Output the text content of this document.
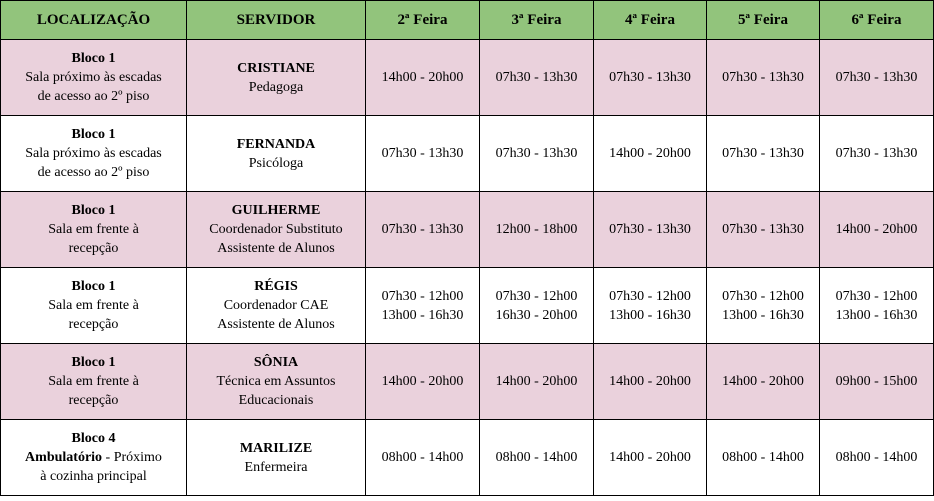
LOCALIZAÇÃO	SERVIDOR	2ª Feira	3ª Feira	4ª Feira	5ª Feira	6ª Feira

Bloco 1
Sala próximo às escadas
de acesso ao 2º piso	CRISTIANE
Pedagoga	14h00 - 20h00	07h30 - 13h30	07h30 - 13h30	07h30 - 13h30	07h30 - 13h30

Bloco 1
Sala próximo às escadas
de acesso ao 2º piso	FERNANDA
Psicóloga	07h30 - 13h30	07h30 - 13h30	14h00 - 20h00	07h30 - 13h30	07h30 - 13h30

Bloco 1
Sala em frente à
recepção	GUILHERME
Coordenador Substituto
Assistente de Alunos	07h30 - 13h30	12h00 - 18h00	07h30 - 13h30	07h30 - 13h30	14h00 - 20h00

Bloco 1
Sala em frente à
recepção	RÉGIS
Coordenador CAE
Assistente de Alunos	07h30 - 12h00
13h00 - 16h30	07h30 - 12h00
16h30 - 20h00	07h30 - 12h00
13h00 - 16h30	07h30 - 12h00
13h00 - 16h30	07h30 - 12h00
13h00 - 16h30

Bloco 1
Sala em frente à
recepção	SÔNIA
Técnica em Assuntos
Educacionais	14h00 - 20h00	14h00 - 20h00	14h00 - 20h00	14h00 - 20h00	09h00 - 15h00

Bloco 4
Ambulatório - Próximo
à cozinha principal	MARILIZE
Enfermeira	08h00 - 14h00	08h00 - 14h00	14h00 - 20h00	08h00 - 14h00	08h00 - 14h00
